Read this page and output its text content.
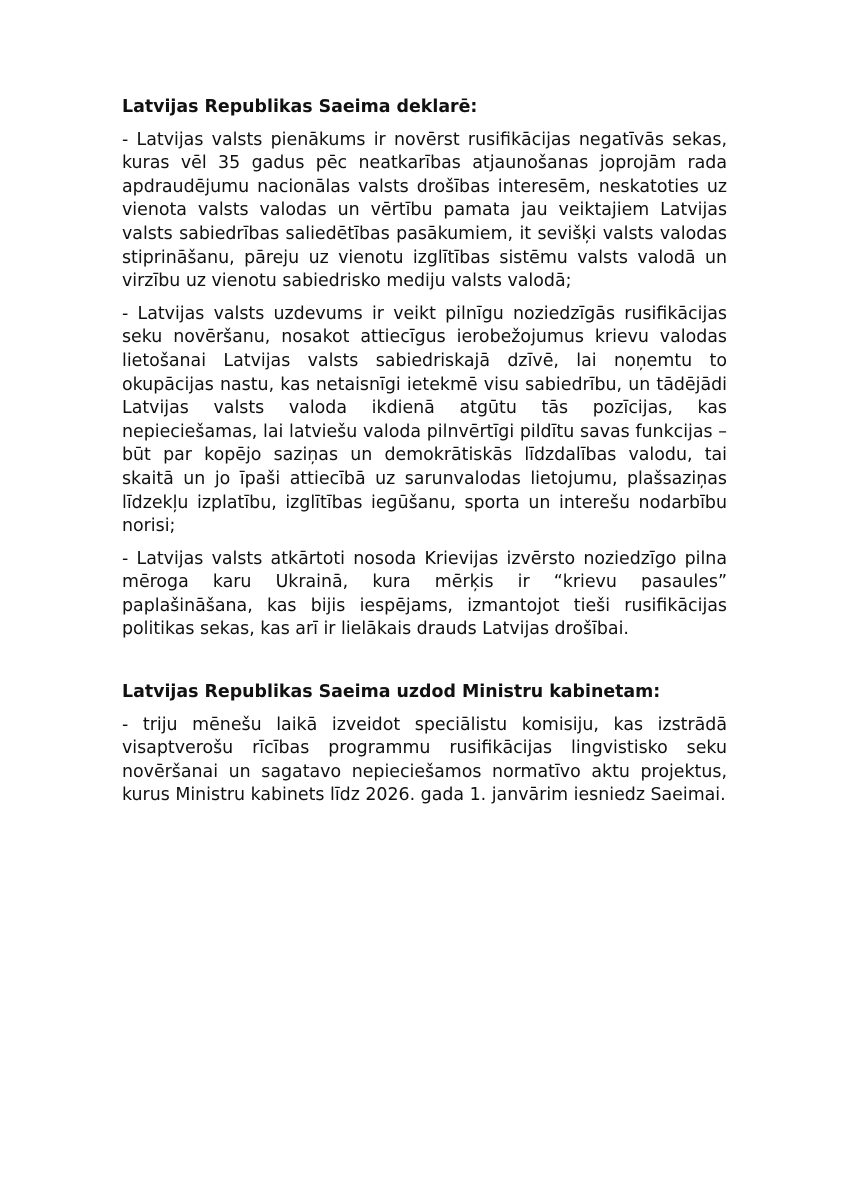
Latvijas Republikas Saeima deklarē:

- Latvijas valsts pienākums ir novērst rusifikācijas negatīvās sekas, kuras vēl 35 gadus pēc neatkarības atjaunošanas joprojām rada apdraudējumu nacionālas valsts drošības interesēm, neskatoties uz vienota valsts valodas un vērtību pamata jau veiktajiem Latvijas valsts sabiedrības saliedētības pasākumiem, it sevišķi valsts valodas stiprināšanu, pāreju uz vienotu izglītības sistēmu valsts valodā un virzību uz vienotu sabiedrisko mediju valsts valodā;

- Latvijas valsts uzdevums ir veikt pilnīgu noziedzīgās rusifikācijas seku novēršanu, nosakot attiecīgus ierobežojumus krievu valodas lietošanai Latvijas valsts sabiedriskajā dzīvē, lai noņemtu to okupācijas nastu, kas netaisnīgi ietekmē visu sabiedrību, un tādējādi Latvijas valsts valoda ikdienā atgūtu tās pozīcijas, kas nepieciešamas, lai latviešu valoda pilnvērtīgi pildītu savas funkcijas – būt par kopējo saziņas un demokrātiskās līdzdalības valodu, tai skaitā un jo īpaši attiecībā uz sarunvalodas lietojumu, plašsaziņas līdzekļu izplatību, izglītības iegūšanu, sporta un interešu nodarbību norisi;

- Latvijas valsts atkārtoti nosoda Krievijas izvērsto noziedzīgo pilna mēroga karu Ukrainā, kura mērķis ir “krievu pasaules” paplašināšana, kas bijis iespējams, izmantojot tieši rusifikācijas politikas sekas, kas arī ir lielākais drauds Latvijas drošībai.

Latvijas Republikas Saeima uzdod Ministru kabinetam:

- triju mēnešu laikā izveidot speciālistu komisiju, kas izstrādā visaptverošu rīcības programmu rusifikācijas lingvistisko seku novēršanai un sagatavo nepieciešamos normatīvo aktu projektus, kurus Ministru kabinets līdz 2026. gada 1. janvārim iesniedz Saeimai.
